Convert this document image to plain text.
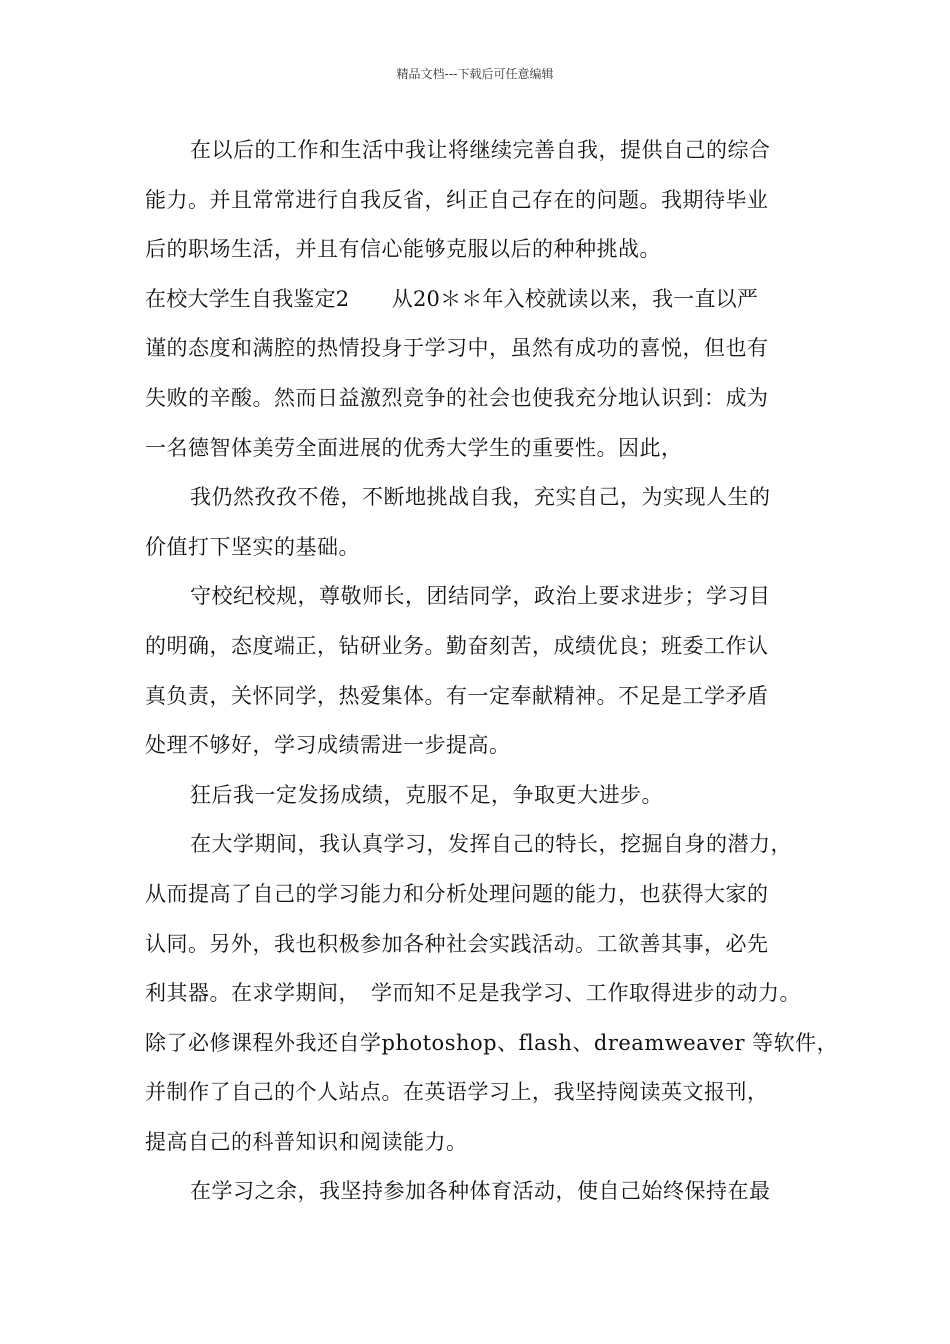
精品文档---下载后可任意编辑
在以后的工作和生活中我让将继续完善自我，提供自己的综合
能力。并且常常进行自我反省，纠正自己存在的问题。我期待毕业
后的职场生活，并且有信心能够克服以后的种种挑战。
在校大学生自我鉴定2　　从20＊＊年入校就读以来，我一直以严
谨的态度和满腔的热情投身于学习中，虽然有成功的喜悦，但也有
失败的辛酸。然而日益激烈竞争的社会也使我充分地认识到：成为
一名德智体美劳全面进展的优秀大学生的重要性。因此，
我仍然孜孜不倦，不断地挑战自我，充实自己，为实现人生的
价值打下坚实的基础。
守校纪校规，尊敬师长，团结同学，政治上要求进步；学习目
的明确，态度端正，钻研业务。勤奋刻苦，成绩优良；班委工作认
真负责，关怀同学，热爱集体。有一定奉献精神。不足是工学矛盾
处理不够好，学习成绩需进一步提高。
狂后我一定发扬成绩，克服不足，争取更大进步。
在大学期间，我认真学习，发挥自己的特长，挖掘自身的潜力，
从而提高了自己的学习能力和分析处理问题的能力，也获得大家的
认同。另外，我也积极参加各种社会实践活动。工欲善其事，必先
利其器。在求学期间，　学而知不足是我学习、工作取得进步的动力。
除了必修课程外我还自学photoshop、flash、dreamweaver 等软件，
并制作了自己的个人站点。在英语学习上，我坚持阅读英文报刊，
提高自己的科普知识和阅读能力。
在学习之余，我坚持参加各种体育活动，使自己始终保持在最
